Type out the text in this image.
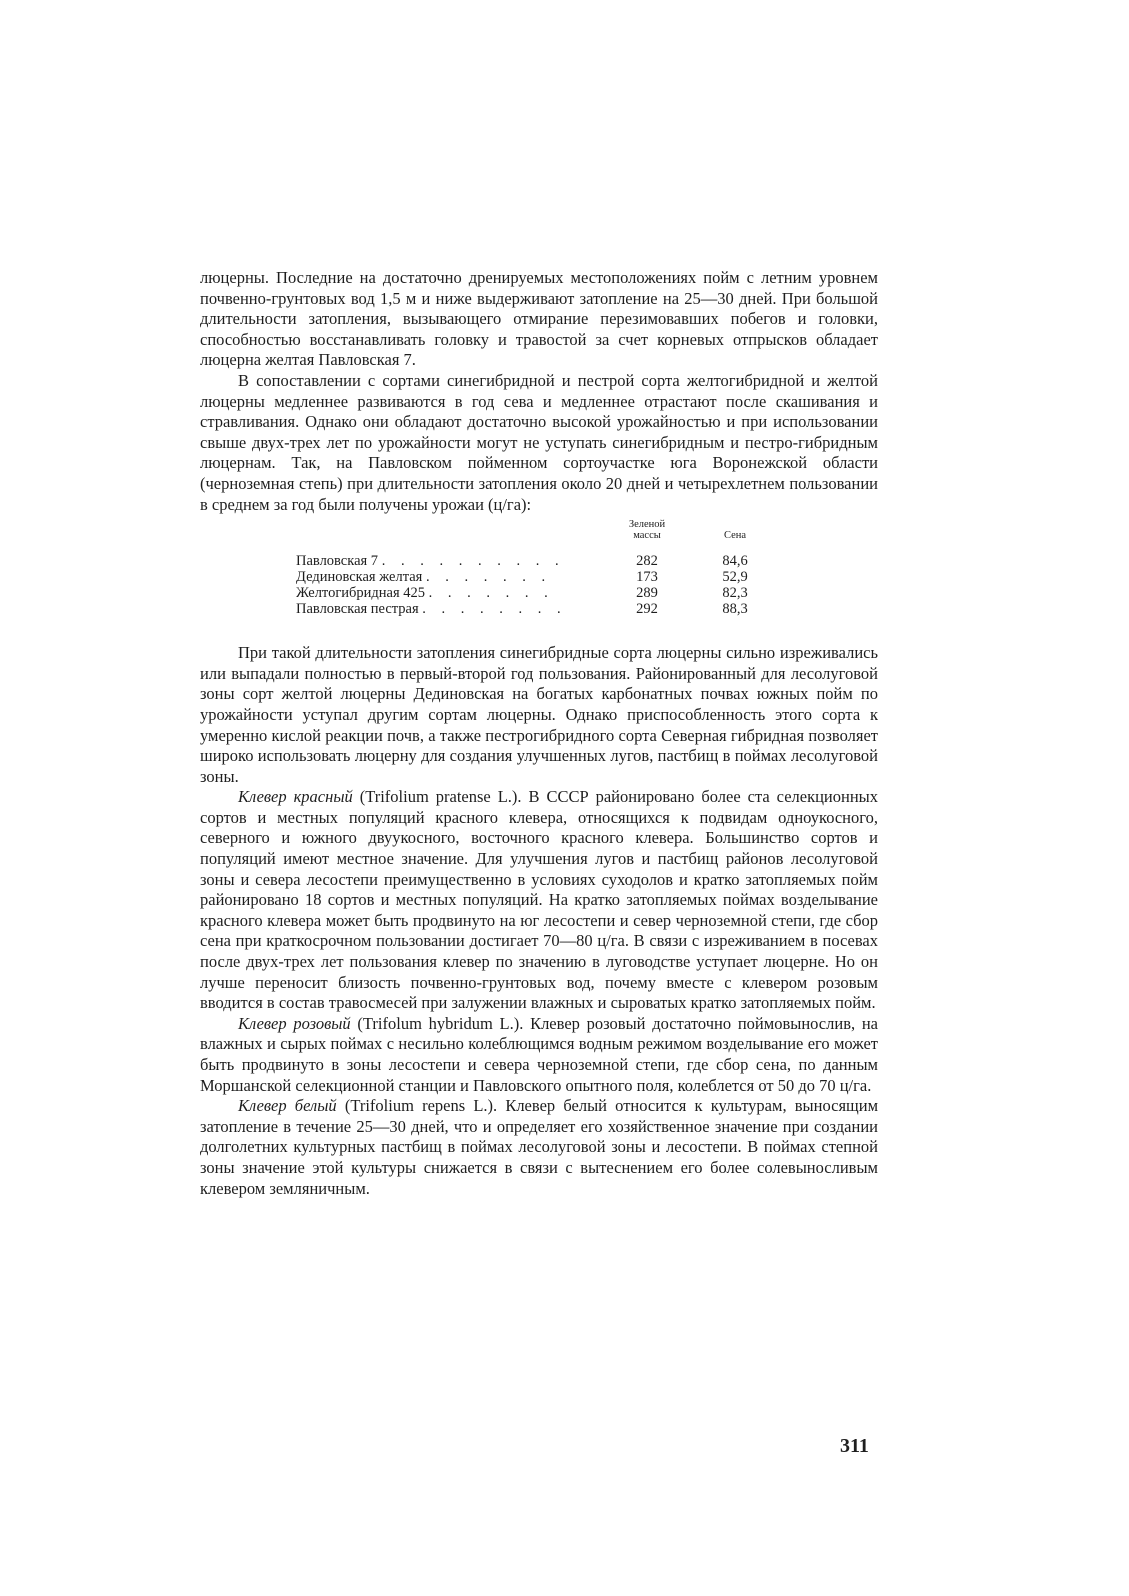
люцерны. Последние на достаточно дренируемых местоположениях пойм с летним уровнем почвенно-грунтовых вод 1,5 м и ниже выдерживают затопление на 25—30 дней. При большой длительности затопления, вызывающего отмирание перезимовавших побегов и головки, способностью восстанавливать головку и травостой за счет корневых отпрысков обладает люцерна желтая Павловская 7.

В сопоставлении с сортами синегибридной и пестрой сорта желтогибридной и желтой люцерны медленнее развиваются в год сева и медленнее отрастают после скашивания и стравливания. Однако они обладают достаточно высокой урожайностью и при использовании свыше двух-трех лет по урожайности могут не уступать синегибридным и пестро-гибридным люцернам. Так, на Павловском пойменном сортоучастке юга Воронежской области (черноземная степь) при длительности затопления около 20 дней и четырехлетнем пользовании в среднем за год были получены урожаи (ц/га):

	Зеленой массы	Сена
Павловская 7 . . . . . . . . . .	282	84,6
Дединовская желтая . . . . . . .	173	52,9
Желтогибридная 425 . . . . . . .	289	82,3
Павловская пестрая . . . . . . . .	292	88,3

При такой длительности затопления синегибридные сорта люцерны сильно изреживались или выпадали полностью в первый-второй год пользования. Районированный для лесолуговой зоны сорт желтой люцерны Дединовская на богатых карбонатных почвах южных пойм по урожайности уступал другим сортам люцерны. Однако приспособленность этого сорта к умеренно кислой реакции почв, а также пестрогибридного сорта Северная гибридная позволяет широко использовать люцерну для создания улучшенных лугов, пастбищ в поймах лесолуговой зоны.

Клевер красный (Trifolium pratense L.). В СССР районировано более ста селекционных сортов и местных популяций красного клевера, относящихся к подвидам одноукосного, северного и южного двуукосного, восточного красного клевера. Большинство сортов и популяций имеют местное значение. Для улучшения лугов и пастбищ районов лесолуговой зоны и севера лесостепи преимущественно в условиях суходолов и кратко затопляемых пойм районировано 18 сортов и местных популяций. На кратко затопляемых поймах возделывание красного клевера может быть продвинуто на юг лесостепи и север черноземной степи, где сбор сена при краткосрочном пользовании достигает 70—80 ц/га. В связи с изреживанием в посевах после двух-трех лет пользования клевер по значению в луговодстве уступает люцерне. Но он лучше переносит близость почвенно-грунтовых вод, почему вместе с клевером розовым вводится в состав травосмесей при залужении влажных и сыроватых кратко затопляемых пойм.

Клевер розовый (Trifolum hybridum L.). Клевер розовый достаточно поймовынослив, на влажных и сырых поймах с несильно колеблющимся водным режимом возделывание его может быть продвинуто в зоны лесостепи и севера черноземной степи, где сбор сена, по данным Моршанской селекционной станции и Павловского опытного поля, колеблется от 50 до 70 ц/га.

Клевер белый (Trifolium repens L.). Клевер белый относится к культурам, выносящим затопление в течение 25—30 дней, что и определяет его хозяйственное значение при создании долголетних культурных пастбищ в поймах лесолуговой зоны и лесостепи. В поймах степной зоны значение этой культуры снижается в связи с вытеснением его более солевыносливым клевером земляничным.

311
